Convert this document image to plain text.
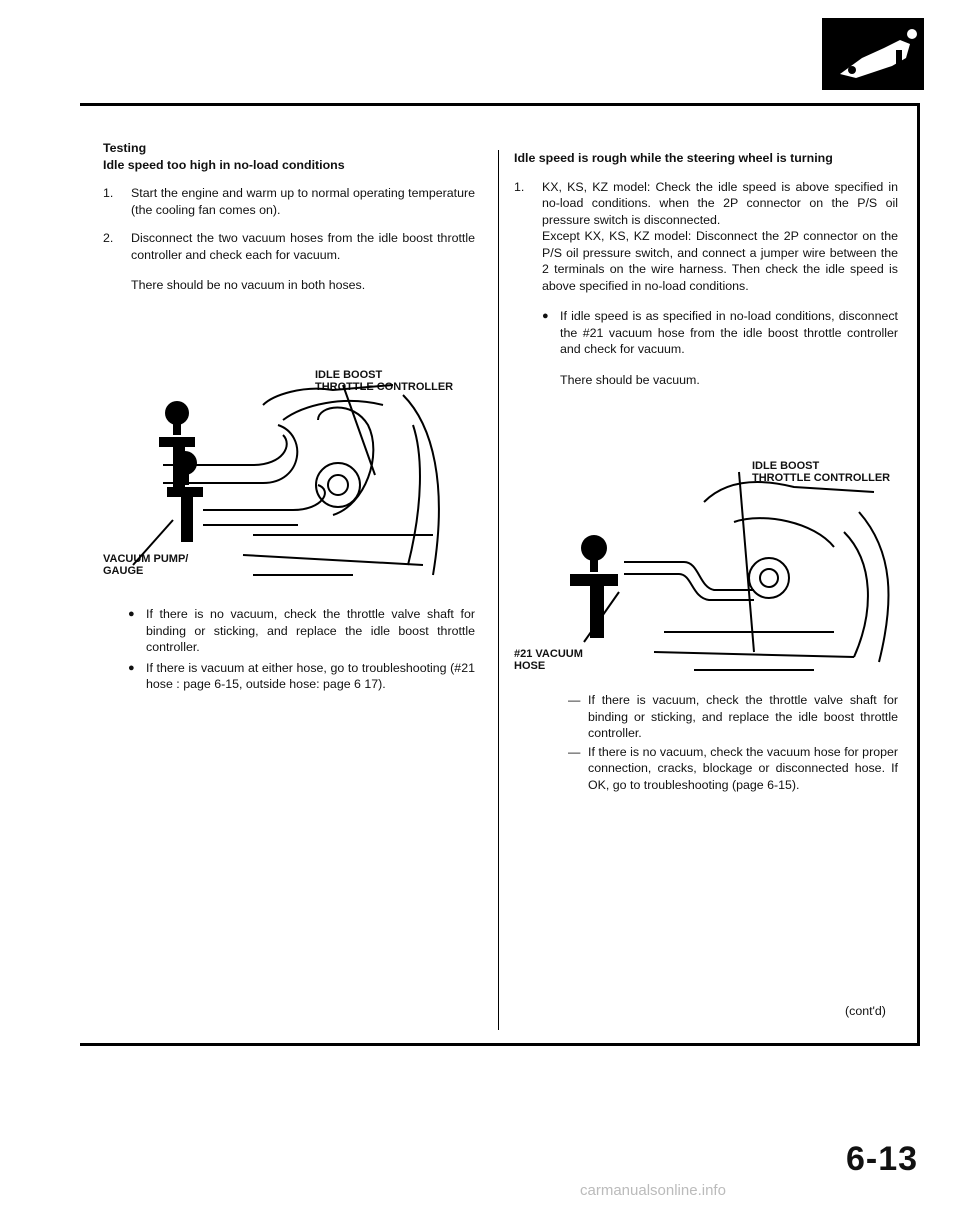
Testing

Idle speed too high in no-load conditions

1.	Start the engine and warm up to normal operating temperature (the cooling fan comes on).
2.	Disconnect the two vacuum hoses from the idle boost throttle controller and check each for vacuum.

There should be no vacuum in both hoses.

IDLE BOOST
THROTTLE CONTROLLER
VACUUM PUMP/
GAUGE
● If there is no vacuum, check the throttle valve shaft for binding or sticking, and replace the idle boost throttle controller.
● If there is vacuum at either hose, go to troubleshooting (#21 hose : page 6-15, outside hose: page 6 17).

Idle speed is rough while the steering wheel is turning

1.	KX, KS, KZ model: Check the idle speed is above specified in no-load conditions. when the 2P connector on the P/S oil pressure switch is disconnected.
Except KX, KS, KZ model: Disconnect the 2P connector on the P/S oil pressure switch, and connect a jumper wire between the 2 terminals on the wire harness. Then check the idle speed is above specified in no-load conditions.
● If idle speed is as specified in no-load conditions, disconnect the #21 vacuum hose from the idle boost throttle controller and check for vacuum.

There should be vacuum.

IDLE BOOST
THROTTLE CONTROLLER
#21 VACUUM
HOSE
— If there is vacuum, check the throttle valve shaft for binding or sticking, and replace the idle boost throttle controller.
— If there is no vacuum, check the vacuum hose for proper connection, cracks, blockage or disconnected hose. If OK, go to troubleshooting (page 6-15).
(cont'd)
6-13
carmanualsonline.info
